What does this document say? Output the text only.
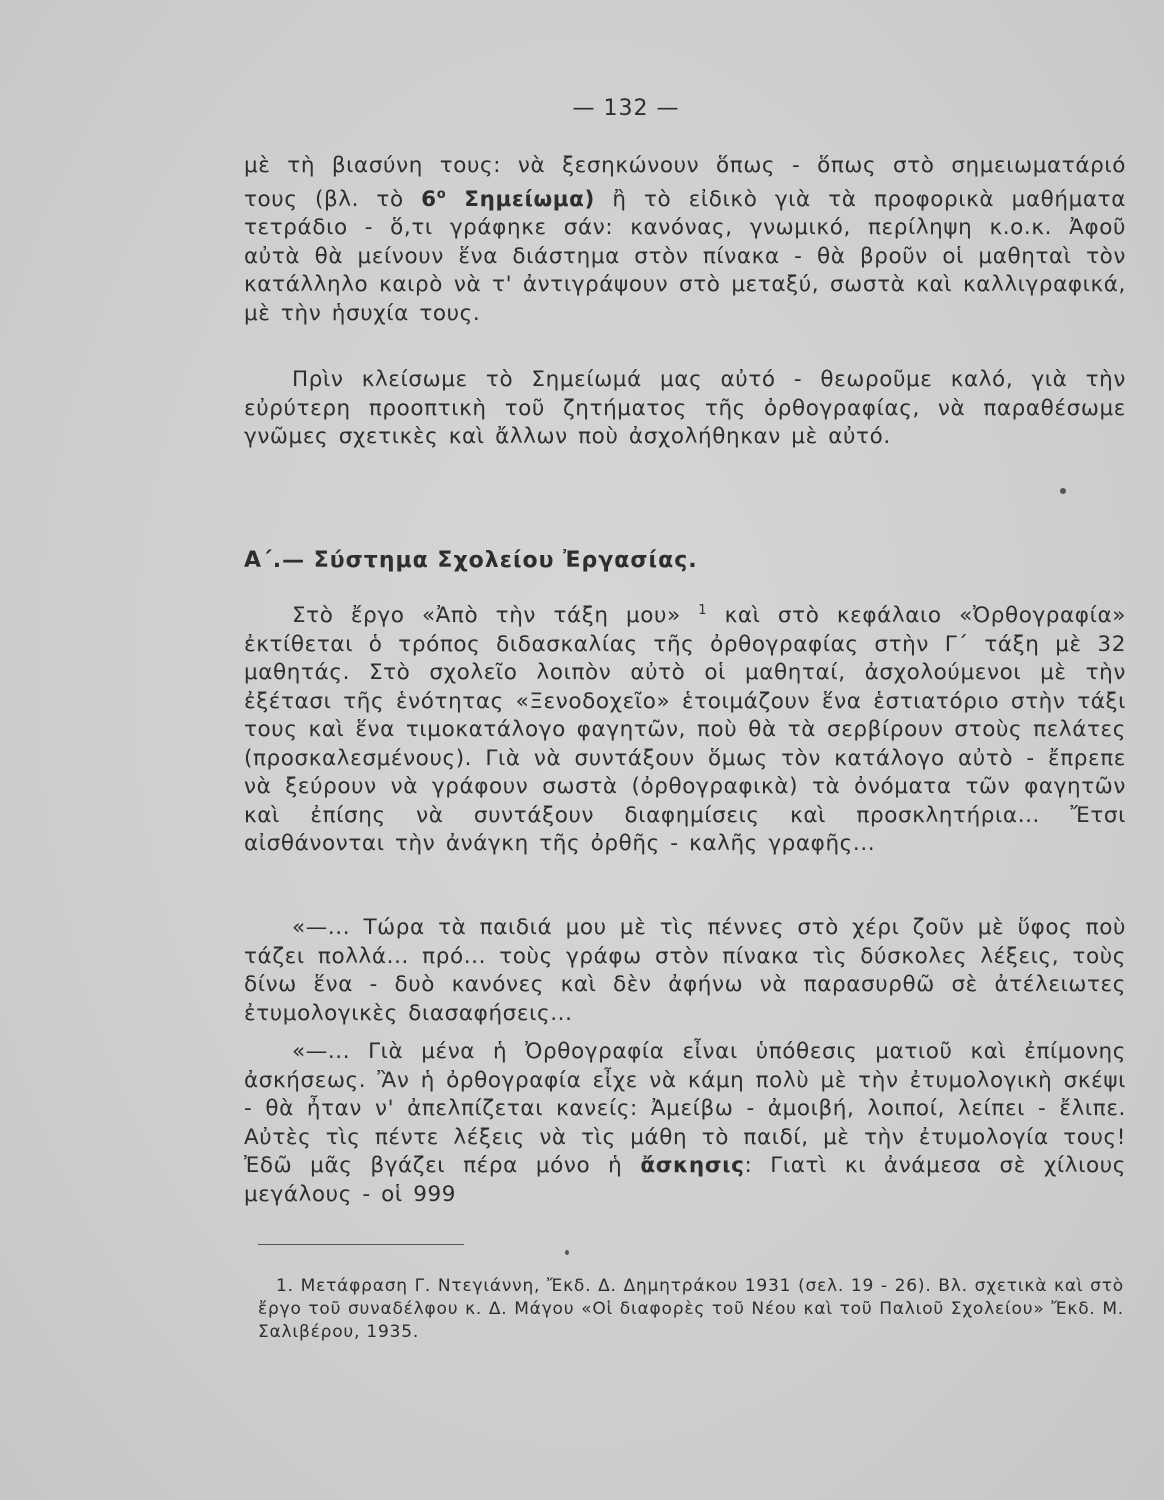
— 132 —
μὲ τὴ βιασύνη τους: νὰ ξεσηκώνουν ὅπως - ὅπως στὸ σημειωματάριό τους (βλ. τὸ $6^o$ Σημείωμα) ἢ τὸ εἰδικὸ γιὰ τὰ προφορικὰ μαθήματα τετράδιο - ὅ,τι γράφηκε σάν: κανόνας, γνωμικό, περίληψη κ.ο.κ. Ἀφοῦ αὐτὰ θὰ μείνουν ἕνα διάστημα στὸν πίνακα - θὰ βροῦν οἱ μαθηταὶ τὸν κατάλληλο καιρὸ νὰ τ' ἀντιγράψουν στὸ μεταξύ, σωστὰ καὶ καλλιγραφικά, μὲ τὴν ἡσυχία τους.
Πρὶν κλείσωμε τὸ Σημείωμά μας αὐτό - θεωροῦμε καλό, γιὰ τὴν εὐρύτερη προοπτικὴ τοῦ ζητήματος τῆς ὀρθογραφίας, νὰ παραθέσωμε γνῶμες σχετικὲς καὶ ἄλλων ποὺ ἀσχολήθηκαν μὲ αὐτό.
Α΄.— Σύστημα Σχολείου Ἐργασίας.
Στὸ ἔργο «Ἀπὸ τὴν τάξη μου» $^1$ καὶ στὸ κεφάλαιο «Ὀρθογραφία» ἐκτίθεται ὁ τρόπος διδασκαλίας τῆς ὀρθογραφίας στὴν Γ΄ τάξη μὲ 32 μαθητάς. Στὸ σχολεῖο λοιπὸν αὐτὸ οἱ μαθηταί, ἀσχολούμενοι μὲ τὴν ἐξέτασι τῆς ἑνότητας «Ξενοδοχεῖο» ἑτοιμάζουν ἕνα ἑστιατόριο στὴν τάξι τους καὶ ἕνα τιμοκατάλογο φαγητῶν, ποὺ θὰ τὰ σερβίρουν στοὺς πελάτες (προσκαλεσμένους). Γιὰ νὰ συντάξουν ὅμως τὸν κατάλογο αὐτὸ - ἔπρεπε νὰ ξεύρουν νὰ γράφουν σωστὰ (ὀρθογραφικὰ) τὰ ὀνόματα τῶν φαγητῶν καὶ ἐπίσης νὰ συντάξουν διαφημίσεις καὶ προσκλητήρια... Ἔτσι αἰσθάνονται τὴν ἀνάγκη τῆς ὀρθῆς - καλῆς γραφῆς...
«—... Τώρα τὰ παιδιά μου μὲ τὶς πέννες στὸ χέρι ζοῦν μὲ ὕφος ποὺ τάζει πολλά... πρό... τοὺς γράφω στὸν πίνακα τὶς δύσκολες λέξεις, τοὺς δίνω ἕνα - δυὸ κανόνες καὶ δὲν ἀφήνω νὰ παρασυρθῶ σὲ ἀτέλειωτες ἐτυμολογικὲς διασαφήσεις...
«—... Γιὰ μένα ἡ Ὀρθογραφία εἶναι ὑπόθεσις ματιοῦ καὶ ἐπίμονης ἀσκήσεως. Ἂν ἡ ὀρθογραφία εἶχε νὰ κάμη πολὺ μὲ τὴν ἐτυμολογικὴ σκέψι - θὰ ἦταν ν' ἀπελπίζεται κανείς: Ἀμείβω - ἀμοιβή, λοιποί, λείπει - ἔλιπε. Αὐτὲς τὶς πέντε λέξεις νὰ τὶς μάθη τὸ παιδί, μὲ τὴν ἐτυμολογία τους! Ἐδῶ μᾶς βγάζει πέρα μόνο ἡ ἄσκησις: Γιατὶ κι ἀνάμεσα σὲ χίλιους μεγάλους - οἱ 999
1. Μετάφραση Γ. Ντεγιάννη, Ἔκδ. Δ. Δημητράκου 1931 (σελ. 19 - 26). Βλ. σχετικὰ καὶ στὸ ἔργο τοῦ συναδέλφου κ. Δ. Μάγου «Οἱ διαφορὲς τοῦ Νέου καὶ τοῦ Παλιοῦ Σχολείου» Ἔκδ. Μ. Σαλιβέρου, 1935.
